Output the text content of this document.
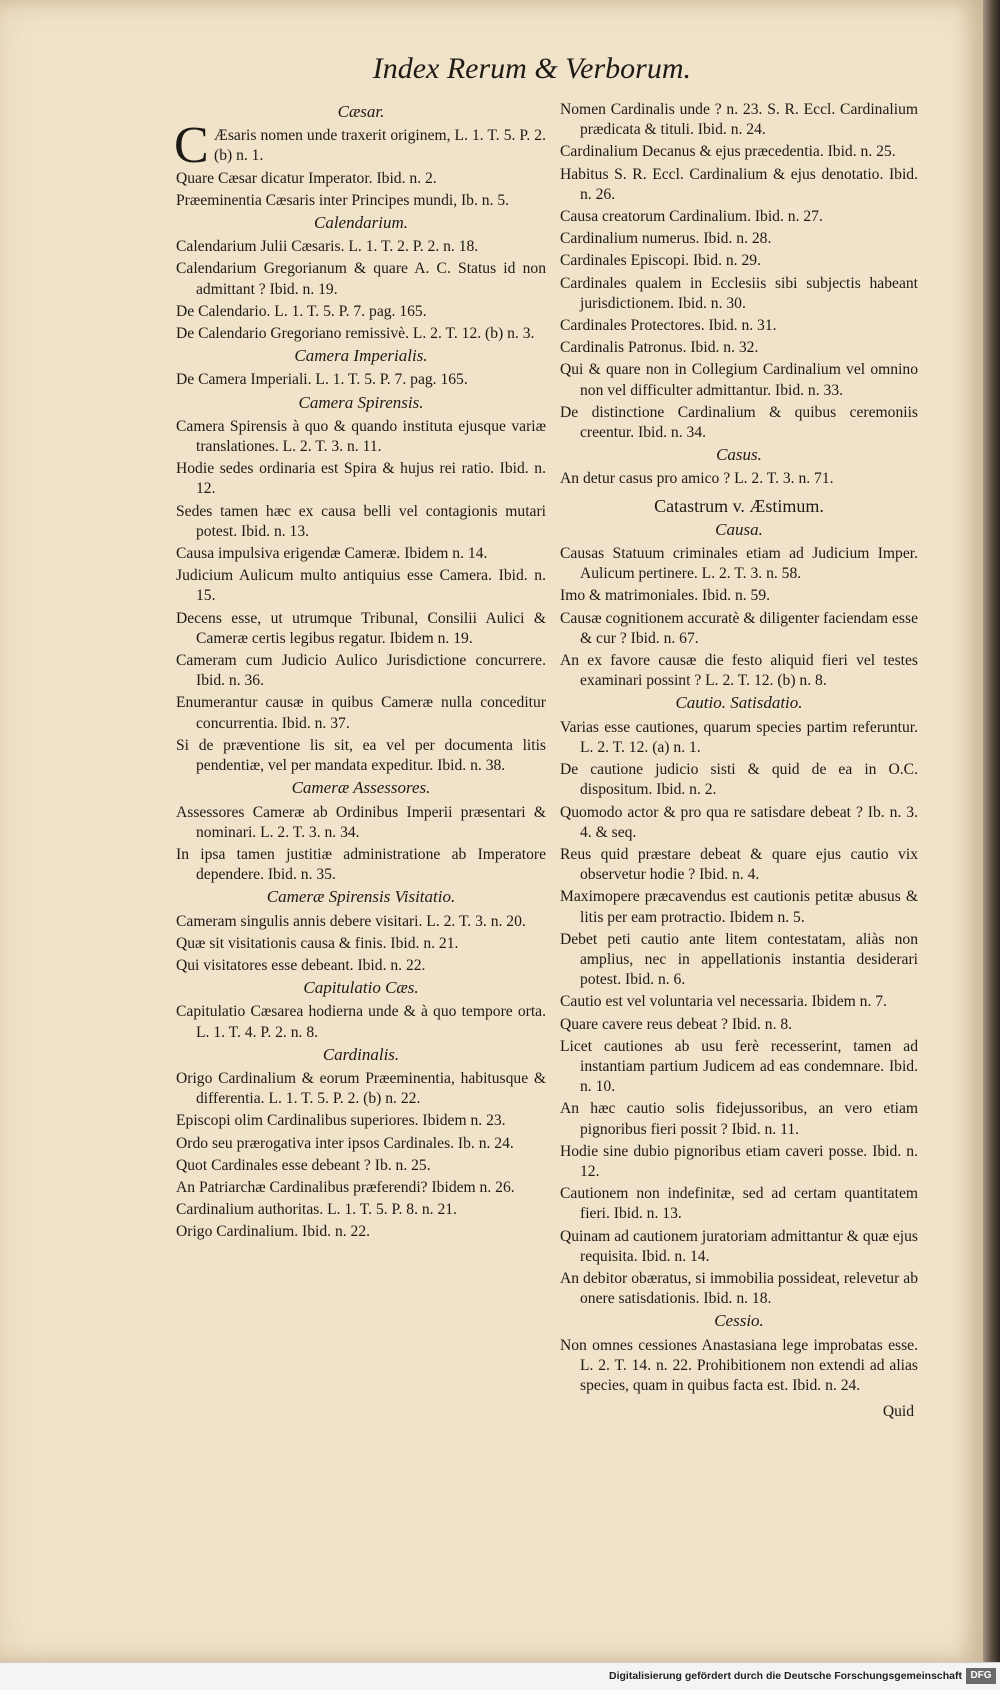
Index Rerum & Verborum.
Cæsar.
C Æsaris nomen unde traxerit originem, L. 1. T. 5. P. 2. (b) n. 1.
Quare Cæsar dicatur Imperator. Ibid. n. 2.
Præeminentia Cæsaris inter Principes mundi, Ib. n. 5.
Calendarium.
Calendarium Julii Cæsaris. L. 1. T. 2. P. 2. n. 18.
Calendarium Gregorianum & quare A. C. Status id non admittant ? Ibid. n. 19.
De Calendario. L. 1. T. 5. P. 7. pag. 165.
De Calendario Gregoriano remissivè. L. 2. T. 12. (b) n. 3.
Camera Imperialis.
De Camera Imperiali. L. 1. T. 5. P. 7. pag. 165.
Camera Spirensis.
Camera Spirensis à quo & quando instituta ejusque variæ translationes. L. 2. T. 3. n. 11.
Hodie sedes ordinaria est Spira & hujus rei ratio. Ibid. n. 12.
Sedes tamen hæc ex causa belli vel contagionis mutari potest. Ibid. n. 13.
Causa impulsiva erigendæ Cameræ. Ibidem n. 14.
Judicium Aulicum multo antiquius esse Camera. Ibid. n. 15.
Decens esse, ut utrumque Tribunal, Consilii Aulici & Cameræ certis legibus regatur. Ibidem n. 19.
Cameram cum Judicio Aulico Jurisdictione concurrere. Ibid. n. 36.
Enumerantur causæ in quibus Cameræ nulla conceditur concurrentia. Ibid. n. 37.
Si de præventione lis sit, ea vel per documenta litis pendentiæ, vel per mandata expeditur. Ibid. n. 38.
Cameræ Assessores.
Assessores Cameræ ab Ordinibus Imperii præsentari & nominari. L. 2. T. 3. n. 34.
In ipsa tamen justitiæ administratione ab Imperatore dependere. Ibid. n. 35.
Cameræ Spirensis Visitatio.
Cameram singulis annis debere visitari. L. 2. T. 3. n. 20.
Quæ sit visitationis causa & finis. Ibid. n. 21.
Qui visitatores esse debeant. Ibid. n. 22.
Capitulatio Cæs.
Capitulatio Cæsarea hodierna unde & à quo tempore orta. L. 1. T. 4. P. 2. n. 8.
Cardinalis.
Origo Cardinalium & eorum Præeminentia, habitusque & differentia. L. 1. T. 5. P. 2. (b) n. 22.
Episcopi olim Cardinalibus superiores. Ibidem n. 23.
Ordo seu prærogativa inter ipsos Cardinales. Ib. n. 24.
Quot Cardinales esse debeant ? Ib. n. 25.
An Patriarchæ Cardinalibus præferendi? Ibidem n. 26.
Cardinalium authoritas. L. 1. T. 5. P. 8. n. 21.
Origo Cardinalium. Ibid. n. 22.
Nomen Cardinalis unde ? n. 23. S. R. Eccl. Cardinalium prædicata & tituli. Ibid. n. 24.
Cardinalium Decanus & ejus præcedentia. Ibid. n. 25.
Habitus S. R. Eccl. Cardinalium & ejus denotatio. Ibid. n. 26.
Causa creatorum Cardinalium. Ibid. n. 27.
Cardinalium numerus. Ibid. n. 28.
Cardinales Episcopi. Ibid. n. 29.
Cardinales qualem in Ecclesiis sibi subjectis habeant jurisdictionem. Ibid. n. 30.
Cardinales Protectores. Ibid. n. 31.
Cardinalis Patronus. Ibid. n. 32.
Qui & quare non in Collegium Cardinalium vel omnino non vel difficulter admittantur. Ibid. n. 33.
De distinctione Cardinalium & quibus ceremoniis creentur. Ibid. n. 34.
Casus.
An detur casus pro amico ? L. 2. T. 3. n. 71.
Catastrum v. Æstimum.
Causa.
Causas Statuum criminales etiam ad Judicium Imper. Aulicum pertinere. L. 2. T. 3. n. 58.
Imo & matrimoniales. Ibid. n. 59.
Causæ cognitionem accuratè & diligenter faciendam esse & cur ? Ibid. n. 67.
An ex favore causæ die festo aliquid fieri vel testes examinari possint ? L. 2. T. 12. (b) n. 8.
Cautio. Satisdatio.
Varias esse cautiones, quarum species partim referuntur. L. 2. T. 12. (a) n. 1.
De cautione judicio sisti & quid de ea in O.C. dispositum. Ibid. n. 2.
Quomodo actor & pro qua re satisdare debeat ? Ib. n. 3. 4. & seq.
Reus quid præstare debeat & quare ejus cautio vix observetur hodie ? Ibid. n. 4.
Maximopere præcavendus est cautionis petitæ abusus & litis per eam protractio. Ibidem n. 5.
Debet peti cautio ante litem contestatam, aliàs non amplius, nec in appellationis instantia desiderari potest. Ibid. n. 6.
Cautio est vel voluntaria vel necessaria. Ibidem n. 7.
Quare cavere reus debeat ? Ibid. n. 8.
Licet cautiones ab usu ferè recesserint, tamen ad instantiam partium Judicem ad eas condemnare. Ibid. n. 10.
An hæc cautio solis fidejussoribus, an vero etiam pignoribus fieri possit ? Ibid. n. 11.
Hodie sine dubio pignoribus etiam caveri posse. Ibid. n. 12.
Cautionem non indefinitæ, sed ad certam quantitatem fieri. Ibid. n. 13.
Quinam ad cautionem juratoriam admittantur & quæ ejus requisita. Ibid. n. 14.
An debitor obæratus, si immobilia possideat, relevetur ab onere satisdationis. Ibid. n. 18.
Cessio.
Non omnes cessiones Anastasiana lege improbatas esse. L. 2. T. 14. n. 22. Prohibitionem non extendi ad alias species, quam in quibus facta est. Ibid. n. 24.
Quid
Digitalisierung gefördert durch die Deutsche Forschungsgemeinschaft DFG
